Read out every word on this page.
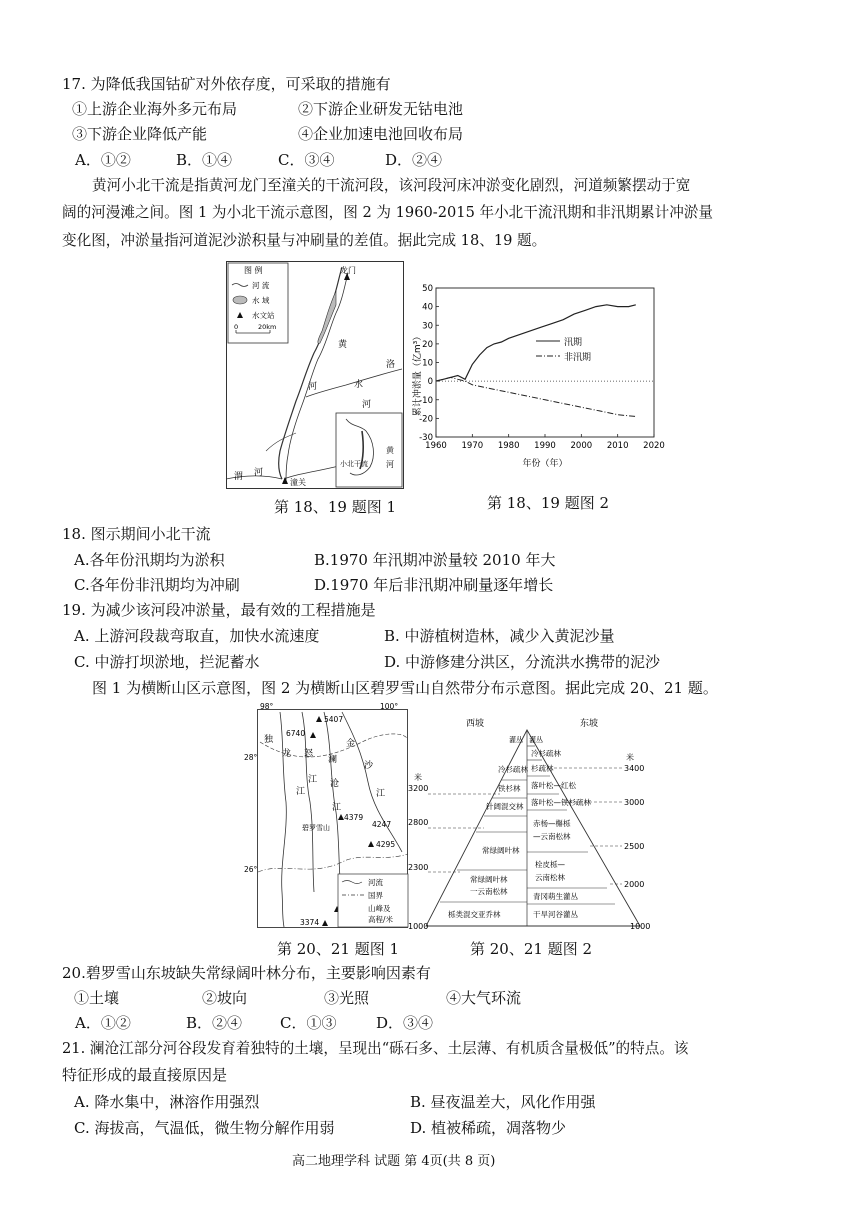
17. 为降低我国钴矿对外依存度，可采取的措施有
①上游企业海外多元布局	②下游企业研发无钴电池
③下游企业降低产能	④企业加速电池回收布局
A．①②	B．①④	C．③④	D．②④
黄河小北干流是指黄河龙门至潼关的干流河段，该河段河床冲淤变化剧烈，河道频繁摆动于宽
阔的河漫滩之间。图 1 为小北干流示意图，图 2 为 1960-2015 年小北干流汛期和非汛期累计冲淤量
变化图，冲淤量指河道泥沙淤积量与冲刷量的差值。据此完成 18、19 题。
图 例
河 流
水 域
水文站
0	20km
龙门
潼关
黄
河	水
洛
河
渭 河
黄
小北干流 河
累计冲淤量（亿m³）
1960 1970 1980 1990 2000 2010 2020
-30
-20
-10
0
10
20
30
40
50
汛期
非汛期
年份（年）
第 18、19 题图 1	第 18、19 题图 2
18. 图示期间小北干流
A.各年份汛期均为淤积	B.1970 年汛期冲淤量较 2010 年大
C.各年份非汛期均为冲刷	D.1970 年后非汛期冲刷量逐年增长
19. 为减少该河段冲淤量，最有效的工程措施是
A. 上游河段裁弯取直，加快水流速度	B. 中游植树造林，减少入黄泥沙量
C. 中游打坝淤地，拦泥蓄水	D. 中游修建分洪区，分流洪水携带的泥沙
图 1 为横断山区示意图，图 2 为横断山区碧罗雪山自然带分布示意图。据此完成 20、21 题。
98°	100°
28°
26°
5407
6740
4379
4247
4295
3374
独
龙
江
怒
江
澜
沧
江
金
沙
江
碧罗雪山
河流
国界
山峰及
高程/米
西坡	东坡
米
米
3200
2800
2300
1000
3400
3000
2500
2000
1000
灌丛
冷杉疏林
铁杉林
针阔混交林
常绿阔叶林
常绿阔叶林
一云南松林
栎类混交亚乔林
灌丛
冷杉疏林
杉疏林
落叶松—红松
落叶松—铁杉疏林
赤杨—槲栎
—云南松林
栓皮栎—
云南松林
青冈萌生灌丛
干旱河谷灌丛
第 20、21 题图 1	第 20、21 题图 2
20.碧罗雪山东坡缺失常绿阔叶林分布，主要影响因素有
①土壤	②坡向	③光照	④大气环流
A．①②	B．②④	C．①③	D．③④
21. 澜沧江部分河谷段发育着独特的土壤，呈现出“砾石多、土层薄、有机质含量极低”的特点。该
特征形成的最直接原因是
A. 降水集中，淋溶作用强烈	B. 昼夜温差大，风化作用强
C. 海拔高，气温低，微生物分解作用弱	D. 植被稀疏，凋落物少
高二地理学科 试题 第 4页(共 8 页)
